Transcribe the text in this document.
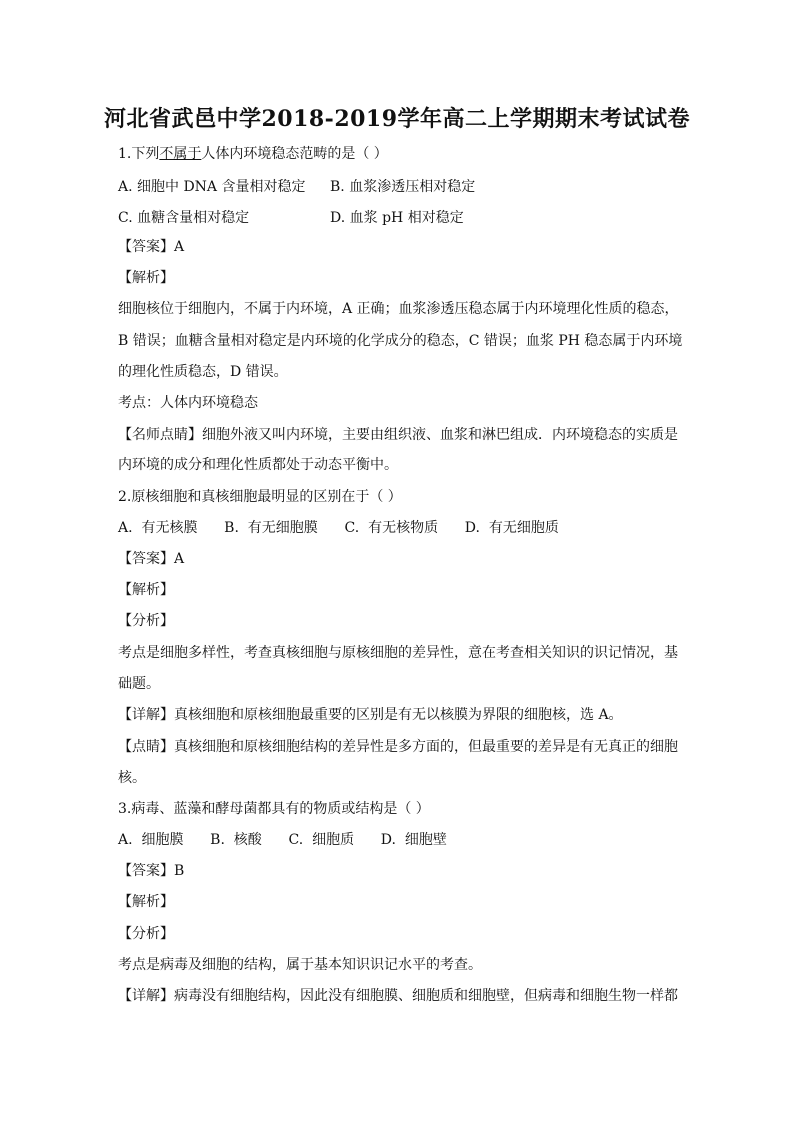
河北省武邑中学2018-2019学年高二上学期期末考试试卷
1.下列不属于人体内环境稳态范畴的是（ ）
A. 细胞中 DNA 含量相对稳定 B. 血浆渗透压相对稳定
C. 血糖含量相对稳定	D. 血浆 pH 相对稳定
【答案】A
【解析】
细胞核位于细胞内，不属于内环境，A 正确；血浆渗透压稳态属于内环境理化性质的稳态，
B 错误；血糖含量相对稳定是内环境的化学成分的稳态，C 错误；血浆 PH 稳态属于内环境
的理化性质稳态，D 错误。
考点：人体内环境稳态
【名师点睛】细胞外液又叫内环境，主要由组织液、血浆和淋巴组成．内环境稳态的实质是
内环境的成分和理化性质都处于动态平衡中。
2.原核细胞和真核细胞最明显的区别在于（ ）
A.  有无核膜      B.  有无细胞膜      C.  有无核物质      D.  有无细胞质
【答案】A
【解析】
【分析】
考点是细胞多样性，考查真核细胞与原核细胞的差异性，意在考查相关知识的识记情况，基
础题。
【详解】真核细胞和原核细胞最重要的区别是有无以核膜为界限的细胞核，选 A。
【点睛】真核细胞和原核细胞结构的差异性是多方面的，但最重要的差异是有无真正的细胞
核。
3.病毒、蓝藻和酵母菌都具有的物质或结构是（ ）
A.  细胞膜      B.  核酸      C.  细胞质      D.  细胞壁
【答案】B
【解析】
【分析】
考点是病毒及细胞的结构，属于基本知识识记水平的考查。
【详解】病毒没有细胞结构，因此没有细胞膜、细胞质和细胞壁，但病毒和细胞生物一样都
